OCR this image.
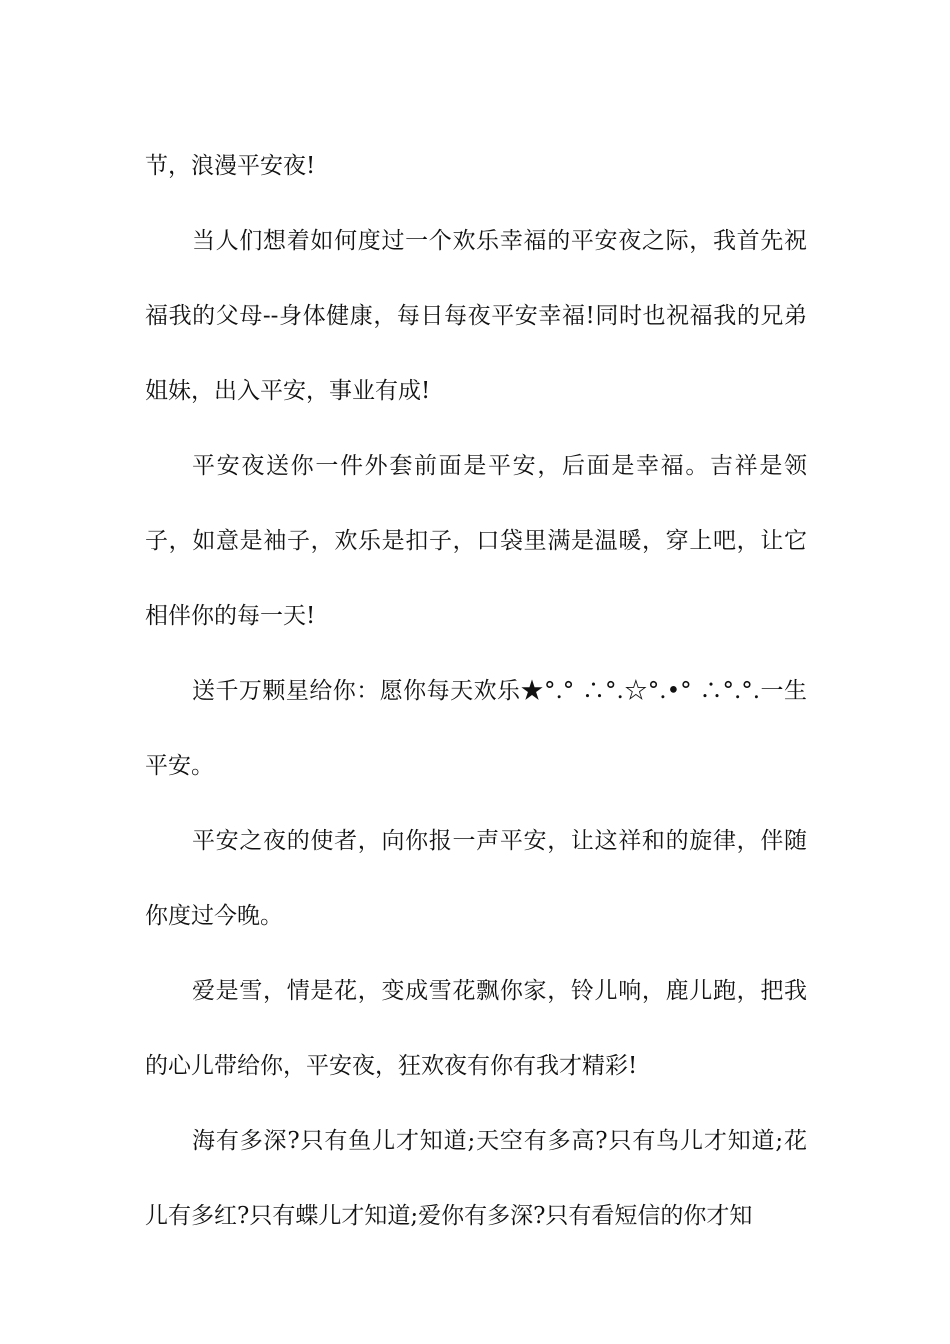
节，浪漫平安夜!

当人们想着如何度过一个欢乐幸福的平安夜之际，我首先祝福我的父母--身体健康，每日每夜平安幸福!同时也祝福我的兄弟姐妹，出入平安，事业有成!

平安夜送你一件外套前面是平安，后面是幸福。吉祥是领子，如意是袖子，欢乐是扣子，口袋里满是温暖，穿上吧，让它相伴你的每一天!

送千万颗星给你：愿你每天欢乐★°.° ∴°.☆°.•° ∴°.°.一生平安。

平安之夜的使者，向你报一声平安，让这祥和的旋律，伴随你度过今晚。

爱是雪，情是花，变成雪花飘你家，铃儿响，鹿儿跑，把我的心儿带给你，平安夜，狂欢夜有你有我才精彩!

海有多深?只有鱼儿才知道;天空有多高?只有鸟儿才知道;花儿有多红?只有蝶儿才知道;爱你有多深?只有看短信的你才知
